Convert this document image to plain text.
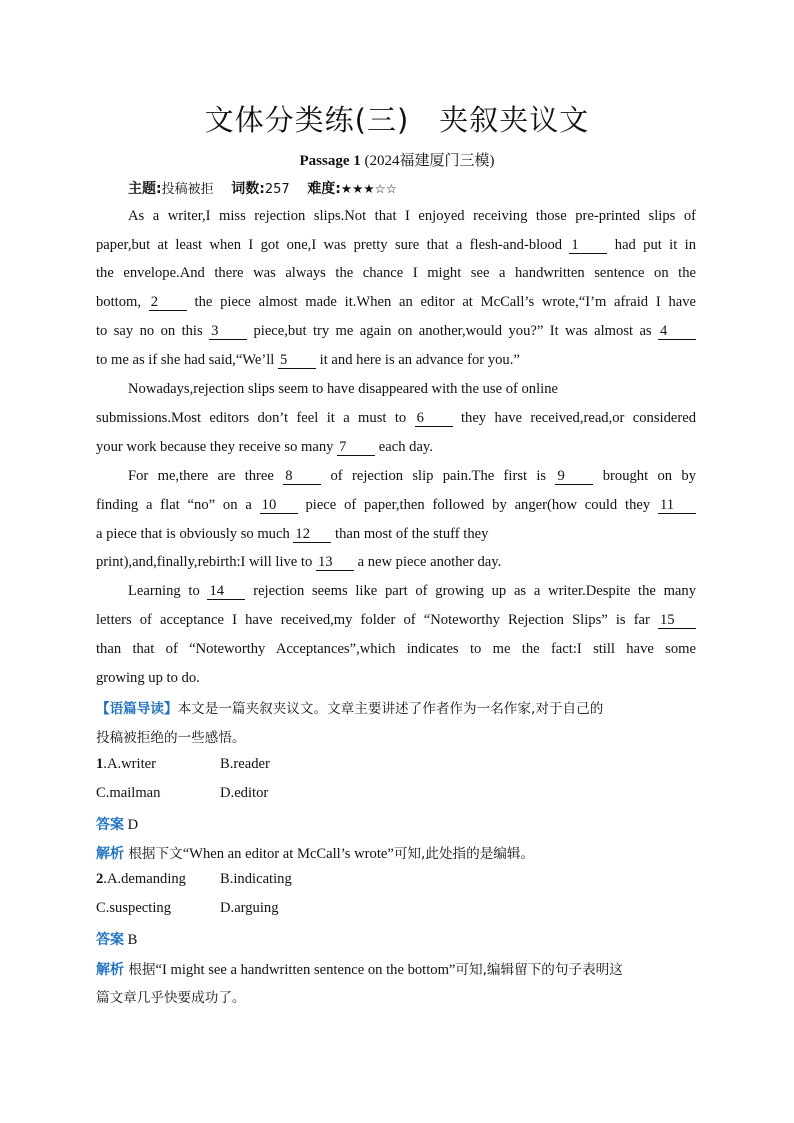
文体分类练(三)　夹叙夹议文
Passage 1 (2024福建厦门三模)
主题:投稿被拒 词数:257 难度:★★★☆☆
As a writer,I miss rejection slips.Not that I enjoyed receiving those pre-printed slips of
paper,but at least when I got one,I was pretty sure that a flesh-and-blood 1 had put it in
the envelope.And there was always the chance I might see a handwritten sentence on the
bottom, 2 the piece almost made it.When an editor at McCall’s wrote,“I’m afraid I have
to say no on this 3 piece,but try me again on another,would you?” It was almost as 4
to me as if she had said,“We’ll 5 it and here is an advance for you.”
Nowadays,rejection slips seem to have disappeared with the use of online
submissions.Most editors don’t feel it a must to 6 they have received,read,or considered
your work because they receive so many 7 each day.
For me,there are three 8 of rejection slip pain.The first is 9 brought on by
finding a flat “no” on a 10 piece of paper,then followed by anger(how could they 11
a piece that is obviously so much 12 than most of the stuff they
print),and,finally,rebirth:I will live to 13 a new piece another day.
Learning to 14 rejection seems like part of growing up as a writer.Despite the many
letters of acceptance I have received,my folder of “Noteworthy Rejection Slips” is far 15
than that of “Noteworthy Acceptances”,which indicates to me the fact:I still have some
growing up to do.
【语篇导读】本文是一篇夹叙夹议文。文章主要讲述了作者作为一名作家,对于自己的
投稿被拒绝的一些感悟。
1.A.writer	B.reader
C.mailman	D.editor
答案 D
解析 根据下文“When an editor at McCall’s wrote”可知,此处指的是编辑。
2.A.demanding B.indicating
C.suspecting	D.arguing
答案 B
解析 根据“I might see a handwritten sentence on the bottom”可知,编辑留下的句子表明这
篇文章几乎快要成功了。
